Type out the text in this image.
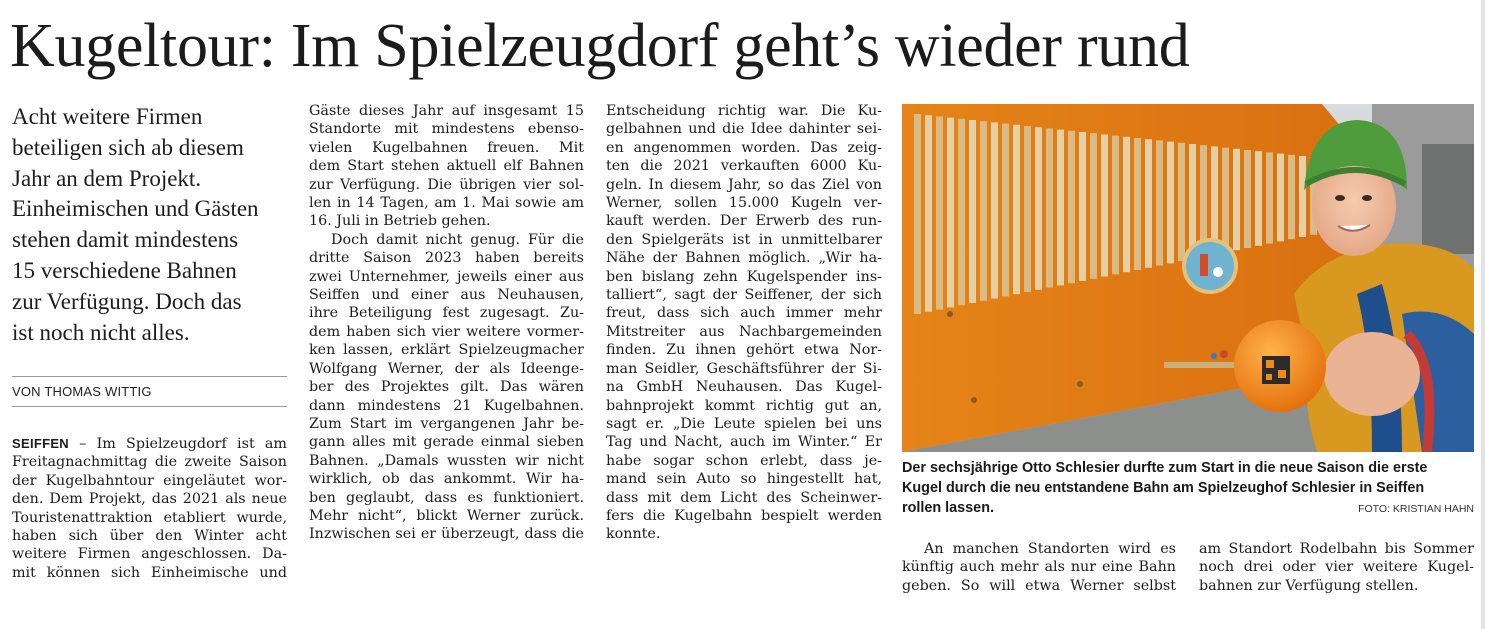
Kugeltour: Im Spielzeugdorf geht’s wieder rund
Acht weitere Firmen
beteiligen sich ab diesem
Jahr an dem Projekt.
Einheimischen und Gästen
stehen damit mindestens
15 verschiedene Bahnen
zur Verfügung. Doch das
ist noch nicht alles.
VON THOMAS WITTIG
SEIFFEN – Im Spielzeugdorf ist am
Freitagnachmittag die zweite Saison
der Kugelbahntour eingeläutet wor-
den. Dem Projekt, das 2021 als neue
Touristenattraktion etabliert wurde,
haben sich über den Winter acht
weitere Firmen angeschlossen. Da-
mit können sich Einheimische und
Gäste dieses Jahr auf insgesamt 15
Standorte mit mindestens ebenso-
vielen Kugelbahnen freuen. Mit
dem Start stehen aktuell elf Bahnen
zur Verfügung. Die übrigen vier sol-
len in 14 Tagen, am 1. Mai sowie am
16. Juli in Betrieb gehen.
Doch damit nicht genug. Für die
dritte Saison 2023 haben bereits
zwei Unternehmer, jeweils einer aus
Seiffen und einer aus Neuhausen,
ihre Beteiligung fest zugesagt. Zu-
dem haben sich vier weitere vormer-
ken lassen, erklärt Spielzeugmacher
Wolfgang Werner, der als Ideenge-
ber des Projektes gilt. Das wären
dann mindestens 21 Kugelbahnen.
Zum Start im vergangenen Jahr be-
gann alles mit gerade einmal sieben
Bahnen. „Damals wussten wir nicht
wirklich, ob das ankommt. Wir ha-
ben geglaubt, dass es funktioniert.
Mehr nicht“, blickt Werner zurück.
Inzwischen sei er überzeugt, dass die
Entscheidung richtig war. Die Ku-
gelbahnen und die Idee dahinter sei-
en angenommen worden. Das zeig-
ten die 2021 verkauften 6000 Ku-
geln. In diesem Jahr, so das Ziel von
Werner, sollen 15.000 Kugeln ver-
kauft werden. Der Erwerb des run-
den Spielgeräts ist in unmittelbarer
Nähe der Bahnen möglich. „Wir ha-
ben bislang zehn Kugelspender ins-
talliert“, sagt der Seiffener, der sich
freut, dass sich auch immer mehr
Mitstreiter aus Nachbargemeinden
finden. Zu ihnen gehört etwa Nor-
man Seidler, Geschäftsführer der Si-
na GmbH Neuhausen. Das Kugel-
bahnprojekt kommt richtig gut an,
sagt er. „Die Leute spielen bei uns
Tag und Nacht, auch im Winter.“ Er
habe sogar schon erlebt, dass je-
mand sein Auto so hingestellt hat,
dass mit dem Licht des Scheinwer-
fers die Kugelbahn bespielt werden
konnte.
Der sechsjährige Otto Schlesier durfte zum Start in die neue Saison die erste
Kugel durch die neu entstandene Bahn am Spielzeughof Schlesier in Seiffen
rollen lassen.	FOTO: KRISTIAN HAHN
An manchen Standorten wird es
künftig auch mehr als nur eine Bahn
geben. So will etwa Werner selbst
am Standort Rodelbahn bis Sommer
noch drei oder vier weitere Kugel-
bahnen zur Verfügung stellen.
